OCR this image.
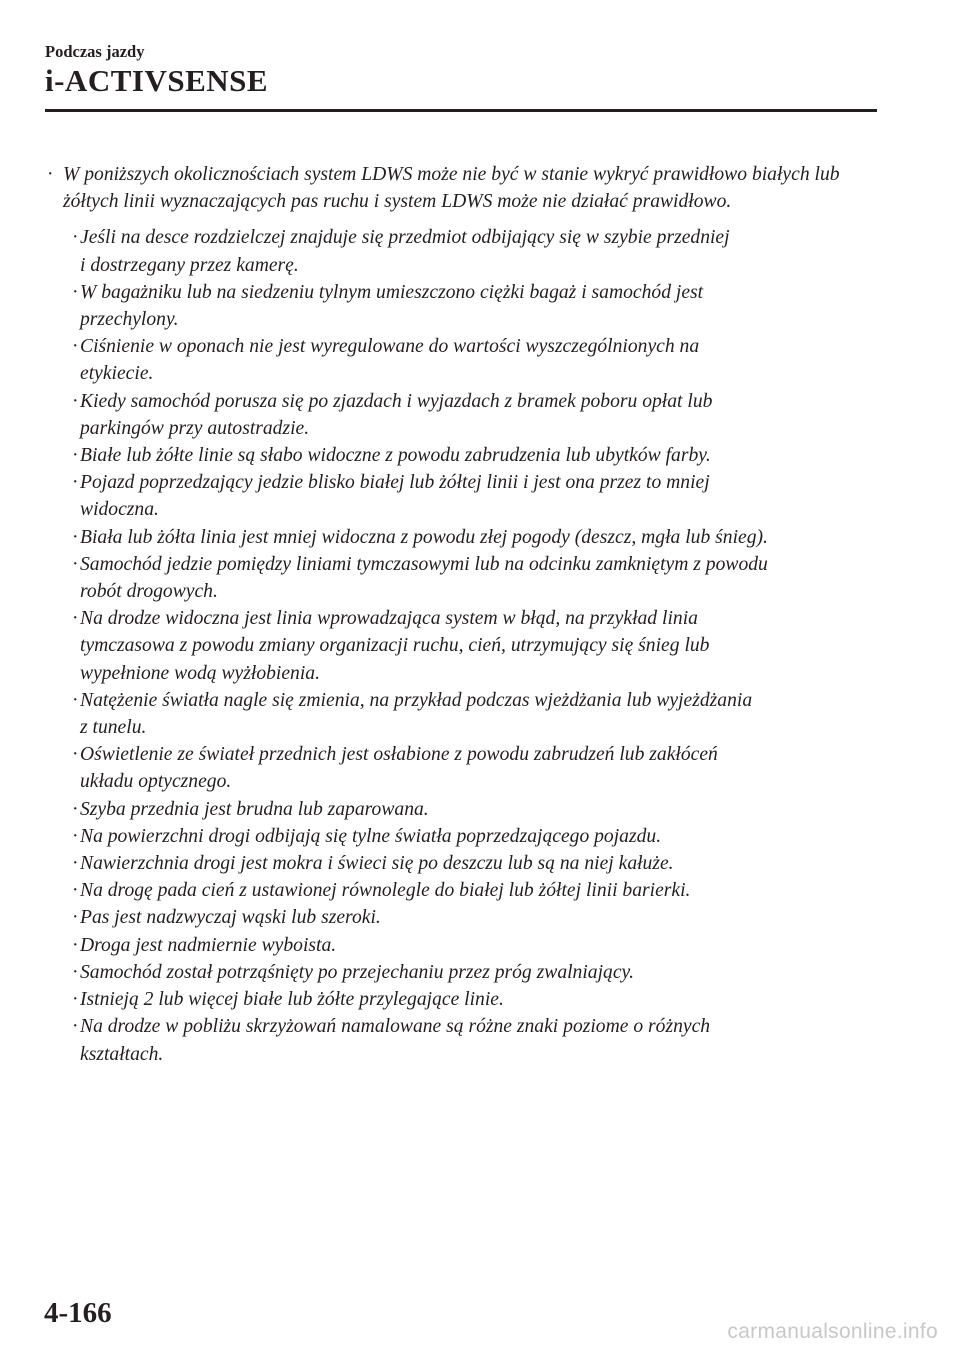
Podczas jazdy

i-ACTIVSENSE
· W poniższych okolicznościach system LDWS może nie być w stanie wykryć prawidłowo białych lub żółtych linii wyznaczających pas ruchu i system LDWS może nie działać prawidłowo.
· Jeśli na desce rozdzielczej znajduje się przedmiot odbijający się w szybie przedniej
i dostrzegany przez kamerę.
· W bagażniku lub na siedzeniu tylnym umieszczono ciężki bagaż i samochód jest
przechylony.
· Ciśnienie w oponach nie jest wyregulowane do wartości wyszczególnionych na
etykiecie.
· Kiedy samochód porusza się po zjazdach i wyjazdach z bramek poboru opłat lub
parkingów przy autostradzie.
· Białe lub żółte linie są słabo widoczne z powodu zabrudzenia lub ubytków farby.
· Pojazd poprzedzający jedzie blisko białej lub żółtej linii i jest ona przez to mniej
widoczna.
· Biała lub żółta linia jest mniej widoczna z powodu złej pogody (deszcz, mgła lub śnieg).
· Samochód jedzie pomiędzy liniami tymczasowymi lub na odcinku zamkniętym z powodu
robót drogowych.
· Na drodze widoczna jest linia wprowadzająca system w błąd, na przykład linia
tymczasowa z powodu zmiany organizacji ruchu, cień, utrzymujący się śnieg lub
wypełnione wodą wyżłobienia.
· Natężenie światła nagle się zmienia, na przykład podczas wjeżdżania lub wyjeżdżania
z tunelu.
· Oświetlenie ze świateł przednich jest osłabione z powodu zabrudzeń lub zakłóceń
układu optycznego.
· Szyba przednia jest brudna lub zaparowana.
· Na powierzchni drogi odbijają się tylne światła poprzedzającego pojazdu.
· Nawierzchnia drogi jest mokra i świeci się po deszczu lub są na niej kałuże.
· Na drogę pada cień z ustawionej równolegle do białej lub żółtej linii barierki.
· Pas jest nadzwyczaj wąski lub szeroki.
· Droga jest nadmiernie wyboista.
· Samochód został potrząśnięty po przejechaniu przez próg zwalniający.
· Istnieją 2 lub więcej białe lub żółte przylegające linie.
· Na drodze w pobliżu skrzyżowań namalowane są różne znaki poziome o różnych
kształtach.
4-166
carmanualsonline.info
